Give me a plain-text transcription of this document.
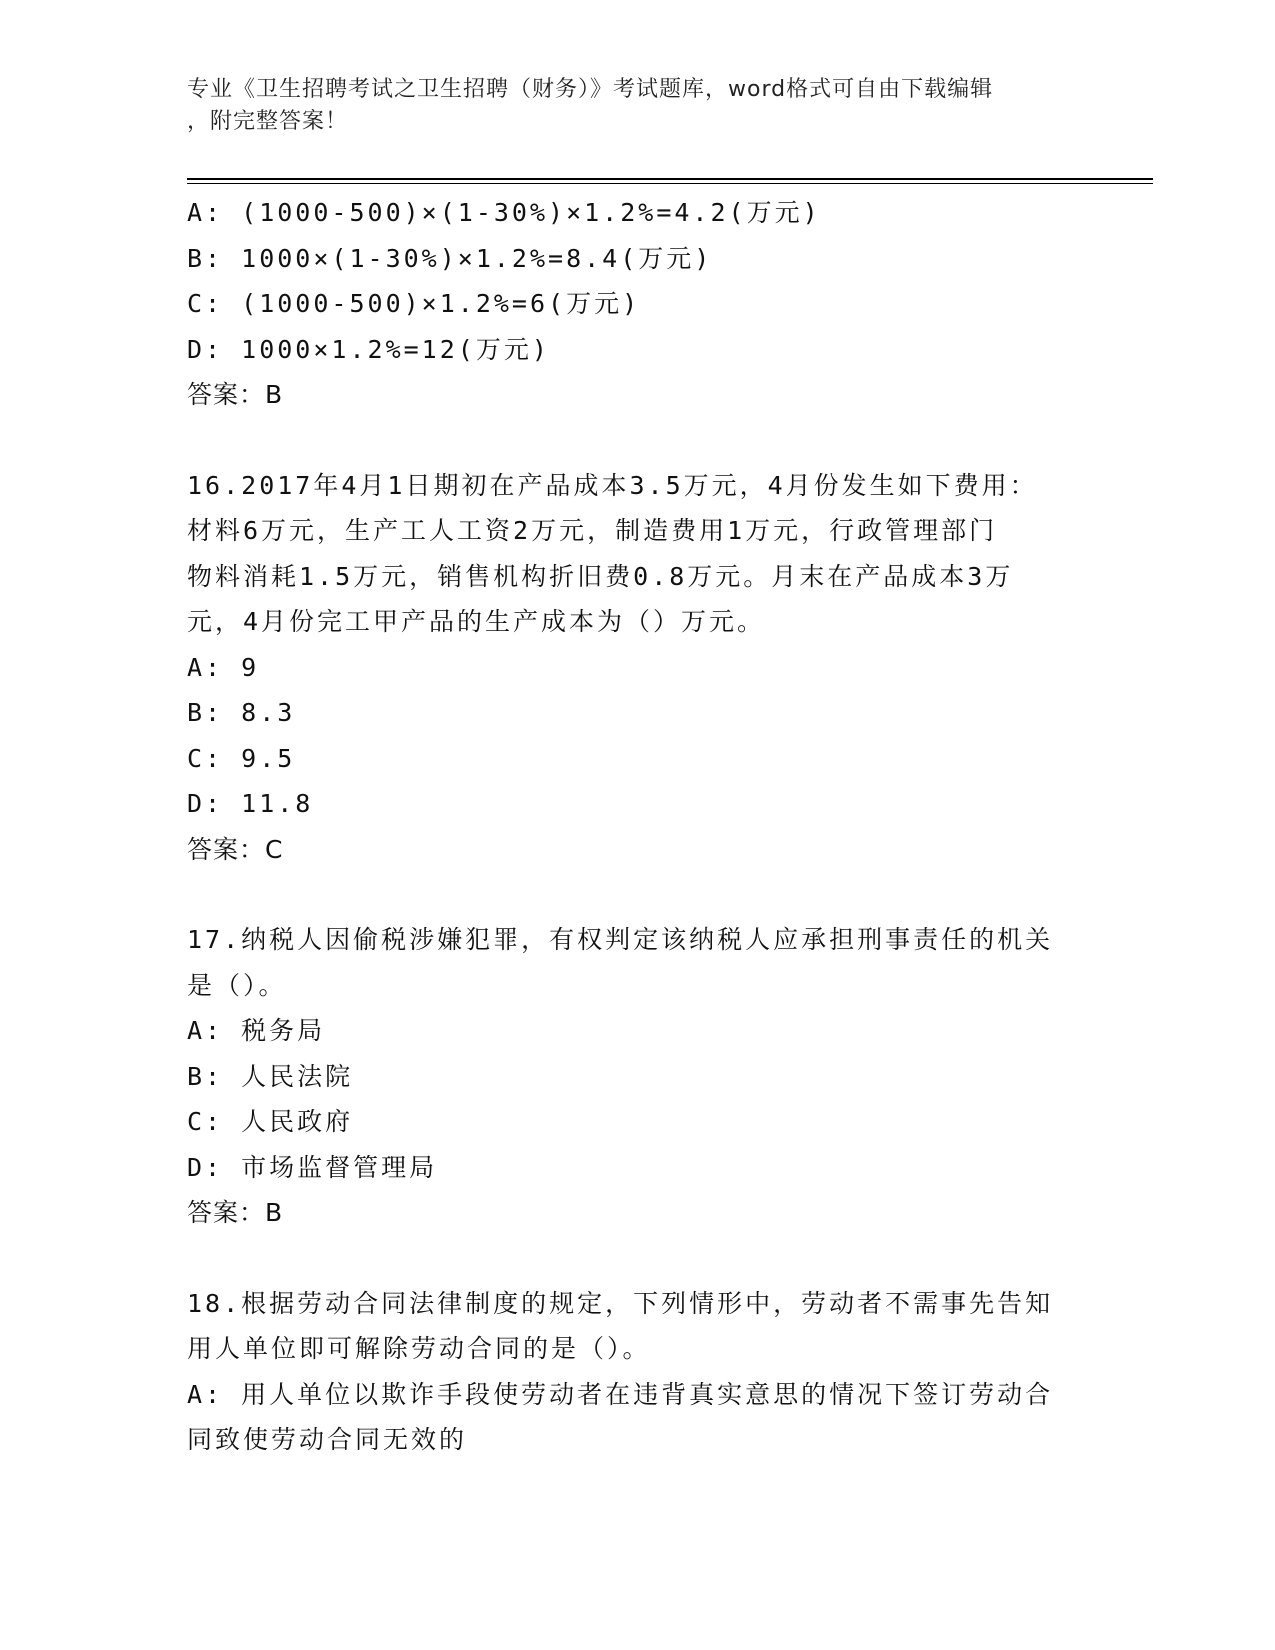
专业《卫生招聘考试之卫生招聘（财务）》考试题库，word格式可自由下载编辑

，附完整答案！

A: (1000-500)×(1-30%)×1.2%=4.2(万元)
B: 1000×(1-30%)×1.2%=8.4(万元)
C: (1000-500)×1.2%=6(万元)
D: 1000×1.2%=12(万元)
答案：B
16.2017年4月1日期初在产品成本3.5万元，4月份发生如下费用：
材料6万元，生产工人工资2万元，制造费用1万元，行政管理部门
物料消耗1.5万元，销售机构折旧费0.8万元。月末在产品成本3万
元，4月份完工甲产品的生产成本为（）万元。
A: 9
B: 8.3
C: 9.5
D: 11.8
答案：C
17.纳税人因偷税涉嫌犯罪，有权判定该纳税人应承担刑事责任的机关
是（）。
A: 税务局
B: 人民法院
C: 人民政府
D: 市场监督管理局
答案：B
18.根据劳动合同法律制度的规定，下列情形中，劳动者不需事先告知
用人单位即可解除劳动合同的是（）。
A: 用人单位以欺诈手段使劳动者在违背真实意思的情况下签订劳动合
同致使劳动合同无效的
